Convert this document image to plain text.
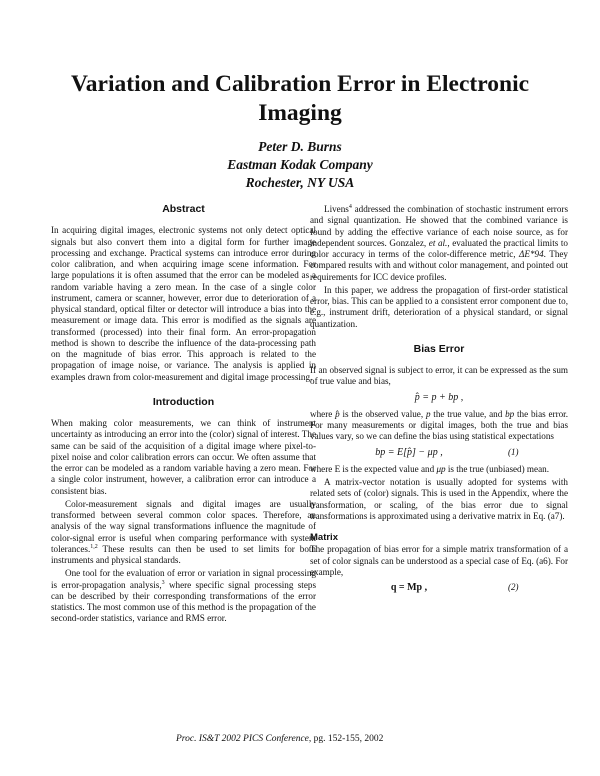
Variation and Calibration Error in Electronic Imaging
Peter D. Burns
Eastman Kodak Company
Rochester, NY USA
Abstract

In acquiring digital images, electronic systems not only detect optical signals but also convert them into a digital form for further image processing and exchange. Practical systems can introduce error during color calibration, and when acquiring image scene information. For large populations it is often assumed that the error can be modeled as a random variable having a zero mean. In the case of a single color instrument, camera or scanner, however, error due to deterioration of a physical standard, optical filter or detector will introduce a bias into the measurement or image data. This error is modified as the signals are transformed (processed) into their final form. An error-propagation method is shown to describe the influence of the data-processing path on the magnitude of bias error. This approach is related to the propagation of image noise, or variance. The analysis is applied in examples drawn from color-measurement and digital image processing.

Introduction

When making color measurements, we can think of instrument uncertainty as introducing an error into the (color) signal of interest. The same can be said of the acquisition of a digital image where pixel-to-pixel noise and color calibration errors can occur. We often assume that the error can be modeled as a random variable having a zero mean. For a single color instrument, however, a calibration error can introduce a consistent bias.

Color-measurement signals and digital images are usually transformed between several common color spaces. Therefore, an analysis of the way signal transformations influence the magnitude of color-signal error is useful when comparing performance with system tolerances.$^{1,2}$ These results can then be used to set limits for both instruments and physical standards.

One tool for the evaluation of error or variation in signal processing is error-propagation analysis,$^3$ where specific signal processing steps can be described by their corresponding transformations of the error statistics. The most common use of this method is the propagation of the second-order statistics, variance and RMS error.

Livens$^4$ addressed the combination of stochastic instrument errors and signal quantization. He showed that the combined variance is found by adding the effective variance of each noise source, as for independent sources. Gonzalez, et al., evaluated the practical limits to color accuracy in terms of the color-difference metric, ΔE*94. They compared results with and without color management, and pointed out requirements for ICC device profiles.

In this paper, we address the propagation of first-order statistical error, bias. This can be applied to a consistent error component due to, e.g., instrument drift, deterioration of a physical standard, or signal quantization.

Bias Error

If an observed signal is subject to error, it can be expressed as the sum of true value and bias,

p̂ = p + bp ,

where p̂ is the observed value, p the true value, and bp the bias error. For many measurements or digital images, both the true and bias values vary, so we can define the bias using statistical expectations

bp = E[p̂] − μp ,	(1)

where E is the expected value and μp is the true (unbiased) mean.

A matrix-vector notation is usually adopted for systems with related sets of (color) signals. This is used in the Appendix, where the transformation, or scaling, of the bias error due to signal transformations is approximated using a derivative matrix in Eq. (a7).

Matrix

The propagation of bias error for a simple matrix transformation of a set of color signals can be understood as a special case of Eq. (a6). For example,

q = Mp ,	(2)
Proc. IS&T 2002 PICS Conference, pg. 152-155, 2002
